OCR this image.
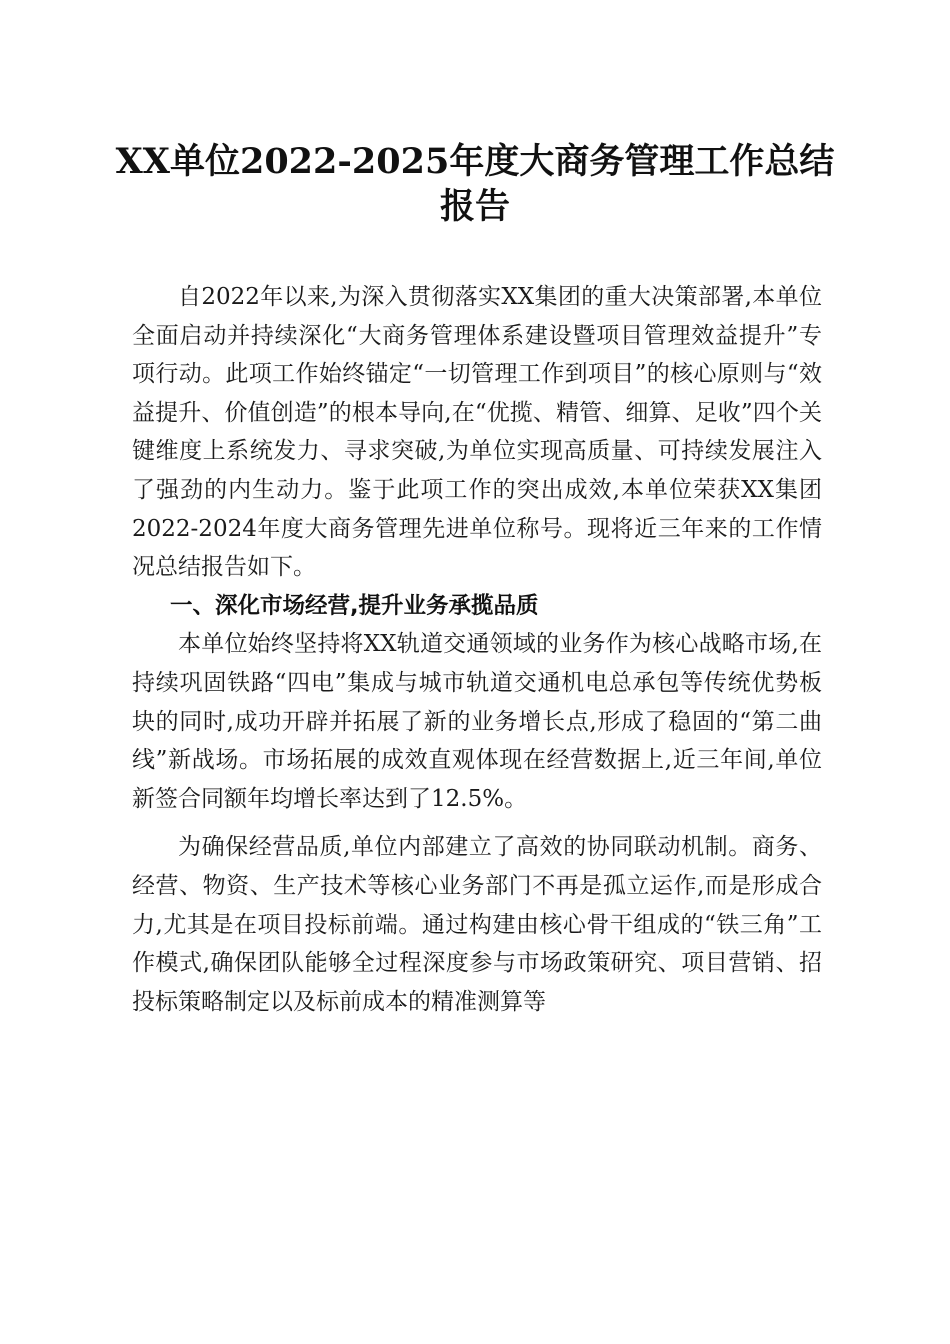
XX单位2022-2025年度大商务管理工作总结
报告

自2022年以来,为深入贯彻落实XX集团的重大决策部署,本单位全面启动并持续深化“大商务管理体系建设暨项目管理效益提升”专项行动。此项工作始终锚定“一切管理工作到项目”的核心原则与“效益提升、价值创造”的根本导向,在“优揽、精管、细算、足收”四个关键维度上系统发力、寻求突破,为单位实现高质量、可持续发展注入了强劲的内生动力。鉴于此项工作的突出成效,本单位荣获XX集团2022-2024年度大商务管理先进单位称号。现将近三年来的工作情况总结报告如下。

一、深化市场经营,提升业务承揽品质

本单位始终坚持将XX轨道交通领域的业务作为核心战略市场,在持续巩固铁路“四电”集成与城市轨道交通机电总承包等传统优势板块的同时,成功开辟并拓展了新的业务增长点,形成了稳固的“第二曲线”新战场。市场拓展的成效直观体现在经营数据上,近三年间,单位新签合同额年均增长率达到了12.5%。

为确保经营品质,单位内部建立了高效的协同联动机制。商务、经营、物资、生产技术等核心业务部门不再是孤立运作,而是形成合力,尤其是在项目投标前端。通过构建由核心骨干组成的“铁三角”工作模式,确保团队能够全过程深度参与市场政策研究、项目营销、招投标策略制定以及标前成本的精准测算等
